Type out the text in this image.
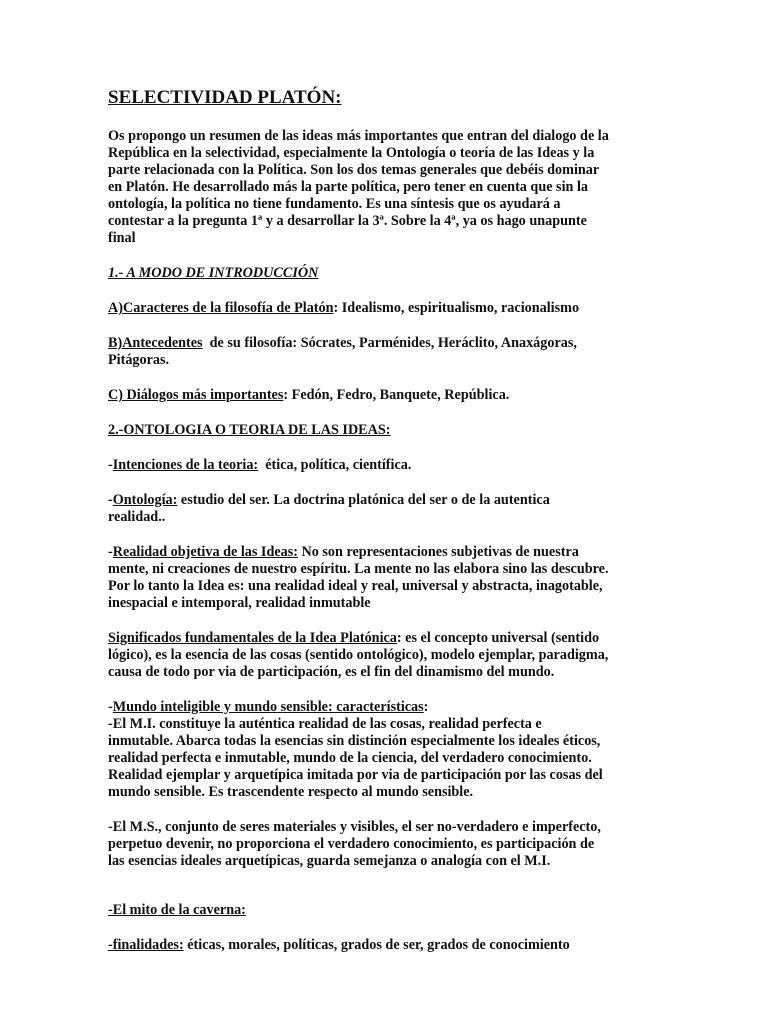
SELECTIVIDAD PLATÓN:

Os propongo un resumen de las ideas más importantes que entran del dialogo de la
República en la selectividad, especialmente la Ontología o teoría de las Ideas y la
parte relacionada con la Política. Son los dos temas generales que debéis dominar
en Platón. He desarrollado más la parte política, pero tener en cuenta que sin la
ontología, la política no tiene fundamento. Es una síntesis que os ayudará a
contestar a la pregunta 1ª y a desarrollar la 3ª. Sobre la 4ª, ya os hago unapunte
final

1.- A MODO DE INTRODUCCIÓN

A)Caracteres de la filosofía de Platón: Idealismo, espiritualismo, racionalismo

B)Antecedentes  de su filosofía: Sócrates, Parménides, Heráclito, Anaxágoras,
Pitágoras.

C) Diálogos más importantes: Fedón, Fedro, Banquete, República.

2.-ONTOLOGIA O TEORIA DE LAS IDEAS:

-Intenciones de la teoria:  ética, política, científica.

-Ontología: estudio del ser. La doctrina platónica del ser o de la autentica
realidad..

-Realidad objetiva de las Ideas: No son representaciones subjetivas de nuestra
mente, ni creaciones de nuestro espíritu. La mente no las elabora sino las descubre.
Por lo tanto la Idea es: una realidad ideal y real, universal y abstracta, inagotable,
inespacial e intemporal, realidad inmutable

Significados fundamentales de la Idea Platónica: es el concepto universal (sentido
lógico), es la esencia de las cosas (sentido ontológico), modelo ejemplar, paradigma,
causa de todo por via de participación, es el fin del dinamismo del mundo.

-Mundo inteligible y mundo sensible: características:
-El M.I. constituye la auténtica realidad de las cosas, realidad perfecta e
inmutable. Abarca todas la esencias sin distinción especialmente los ideales éticos,
realidad perfecta e inmutable, mundo de la ciencia, del verdadero conocimiento.
Realidad ejemplar y arquetípica imitada por via de participación por las cosas del
mundo sensible. Es trascendente respecto al mundo sensible.

-El M.S., conjunto de seres materiales y visibles, el ser no-verdadero e imperfecto,
perpetuo devenir, no proporciona el verdadero conocimiento, es participación de
las esencias ideales arquetípicas, guarda semejanza o analogía con el M.I.

-El mito de la caverna:

-finalidades: éticas, morales, políticas, grados de ser, grados de conocimiento
